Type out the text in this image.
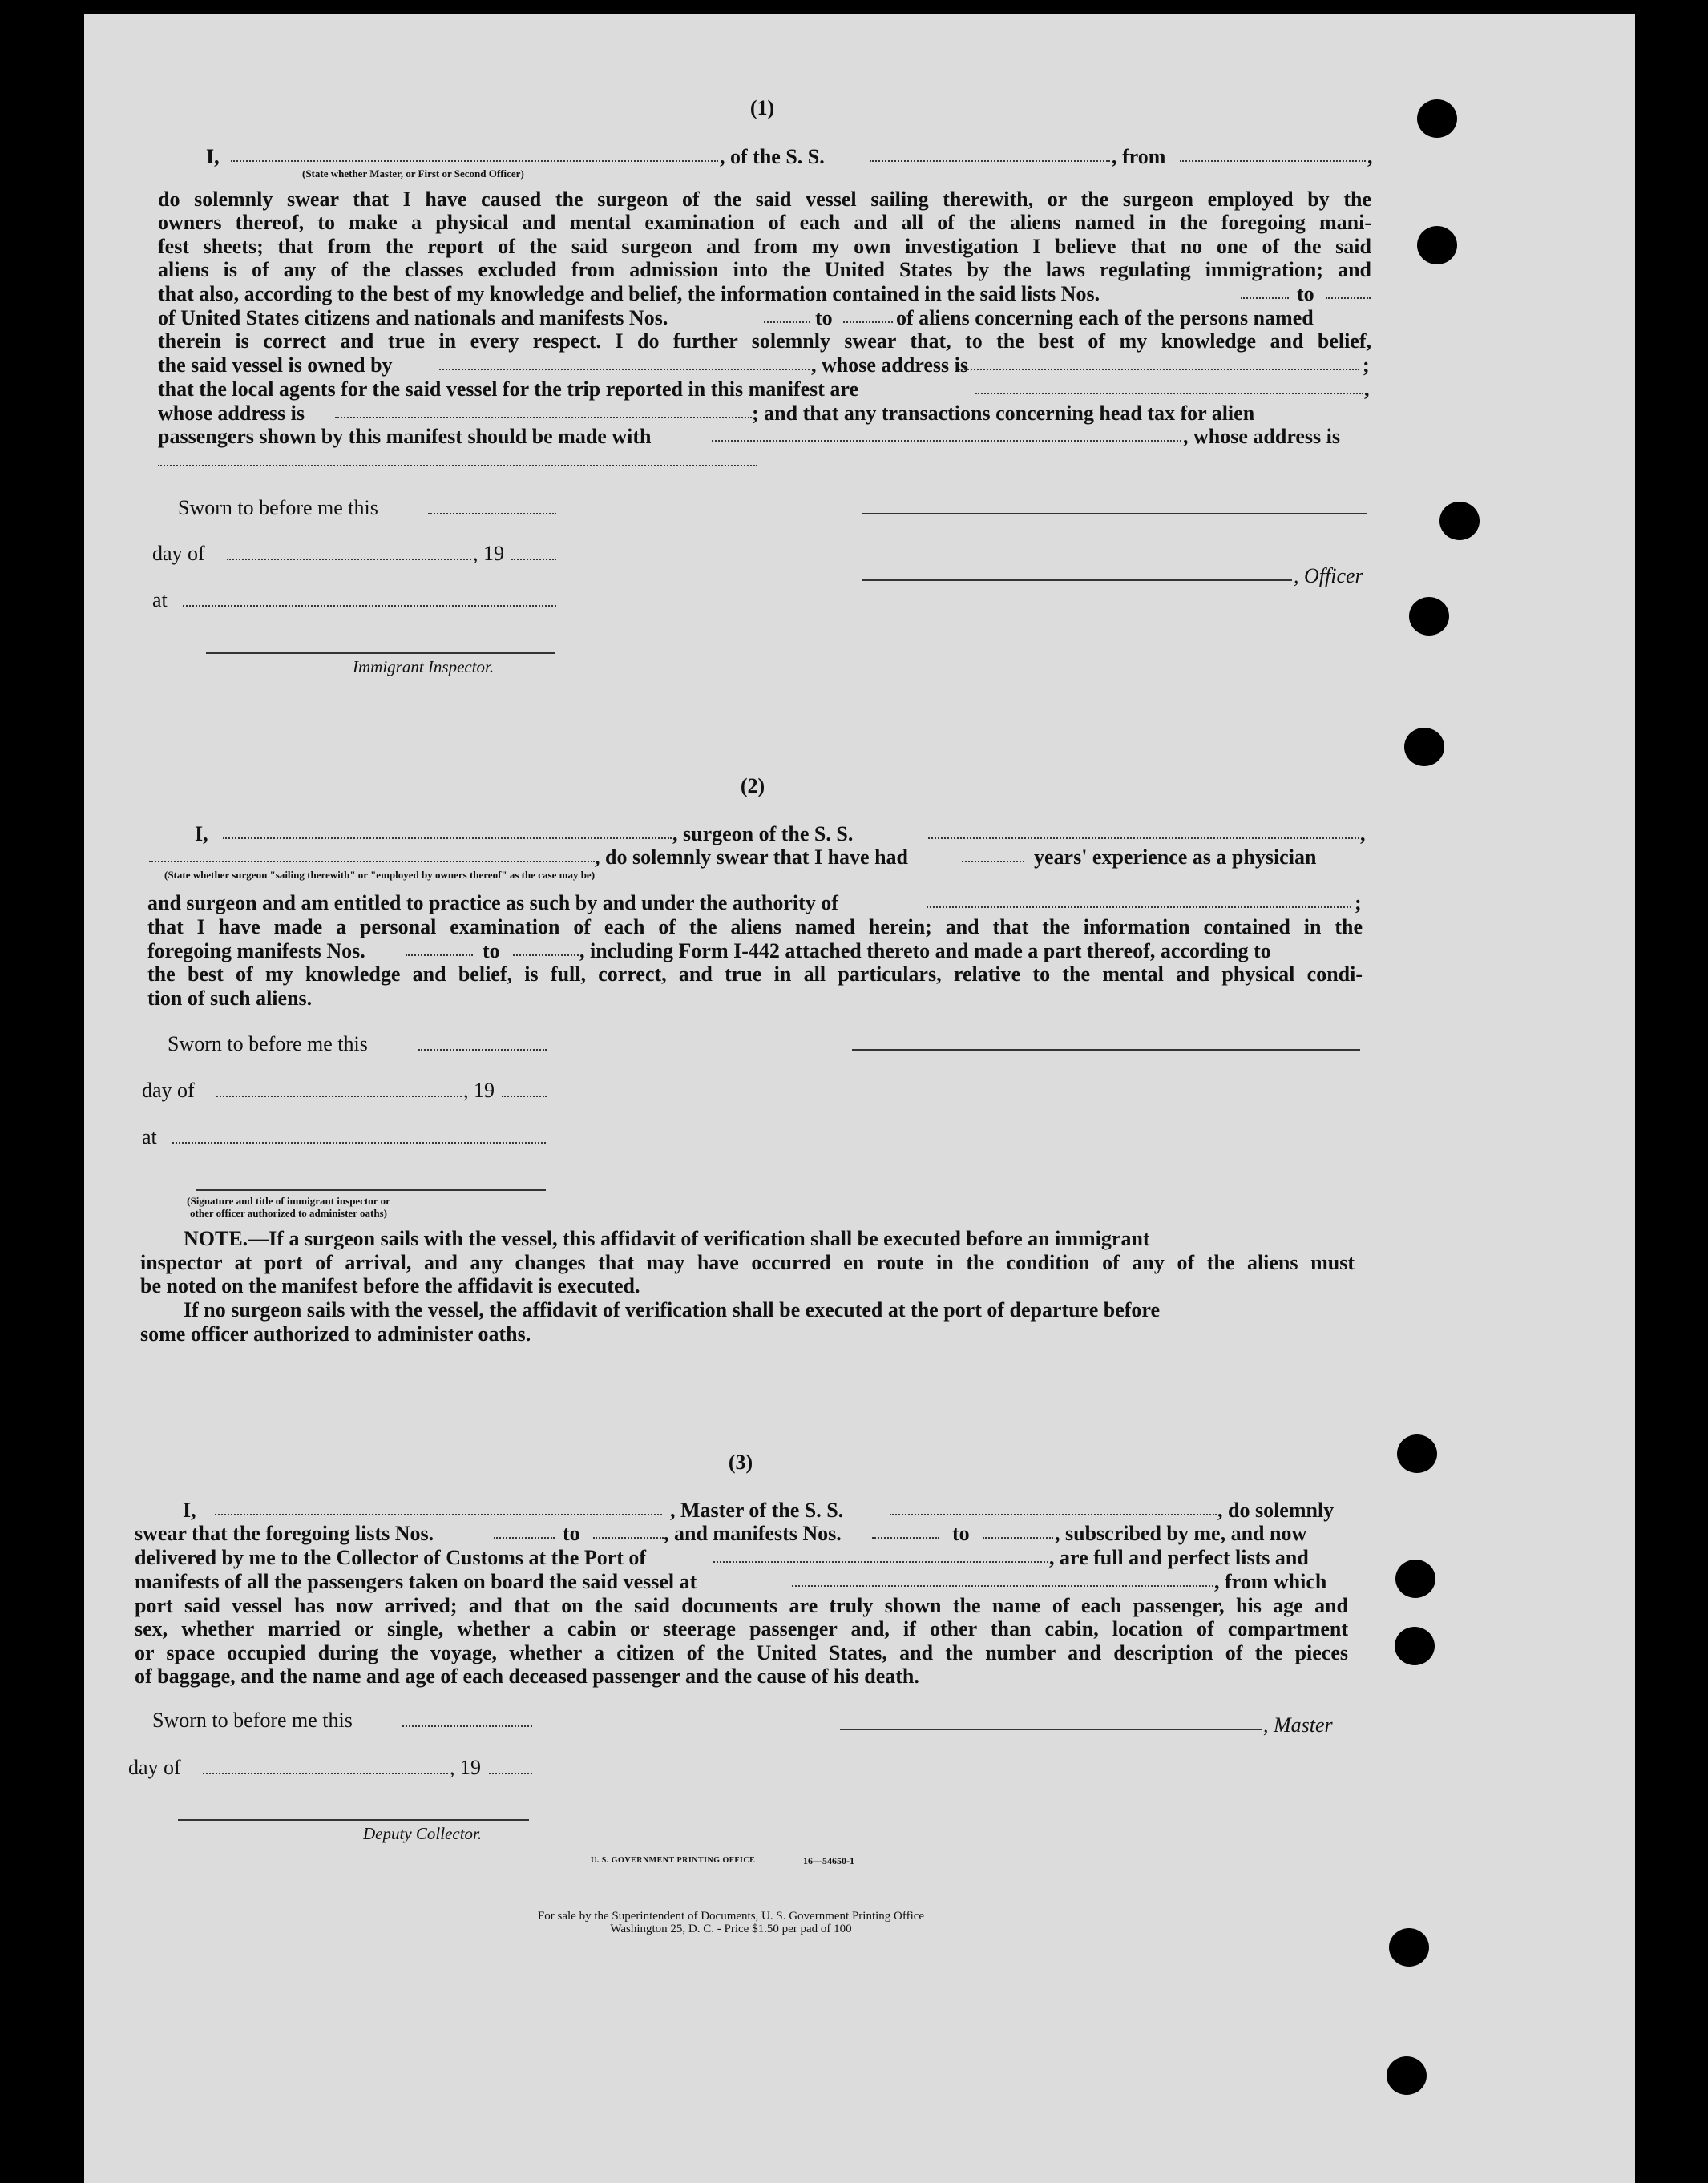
(1)
I,	, of the S. S.	, from	,
(State whether Master, or First or Second Officer)
do solemnly swear that I have caused the surgeon of the said vessel sailing therewith, or the surgeon employed by the
owners thereof, to make a physical and mental examination of each and all of the aliens named in the foregoing mani-
fest sheets; that from the report of the said surgeon and from my own investigation I believe that no one of the said
aliens is of any of the classes excluded from admission into the United States by the laws regulating immigration; and
that also, according to the best of my knowledge and belief, the information contained in the said lists Nos.	to
of United States citizens and nationals and manifests Nos.	to	of aliens concerning each of the persons named
therein is correct and true in every respect. I do further solemnly swear that, to the best of my knowledge and belief,
the said vessel is owned by	, whose address is	;
that the local agents for the said vessel for the trip reported in this manifest are	,
whose address is	; and that any transactions concerning head tax for alien
passengers shown by this manifest should be made with	, whose address is
Sworn to before me this
day of	, 19
, Officer
at
Immigrant Inspector.
(2)
I,	, surgeon of the S. S.	,
, do solemnly swear that I have had	years' experience as a physician
(State whether surgeon "sailing therewith" or "employed by owners thereof" as the case may be)
and surgeon and am entitled to practice as such by and under the authority of	;
that I have made a personal examination of each of the aliens named herein; and that the information contained in the
foregoing manifests Nos.	to	, including Form I-442 attached thereto and made a part thereof, according to
the best of my knowledge and belief, is full, correct, and true in all particulars, relative to the mental and physical condi-
tion of such aliens.
Sworn to before me this
day of	, 19
at
(Signature and title of immigrant inspector or
other officer authorized to administer oaths)
NOTE.—If a surgeon sails with the vessel, this affidavit of verification shall be executed before an immigrant
inspector at port of arrival, and any changes that may have occurred en route in the condition of any of the aliens must
be noted on the manifest before the affidavit is executed.
If no surgeon sails with the vessel, the affidavit of verification shall be executed at the port of departure before
some officer authorized to administer oaths.
(3)
I,	, Master of the S. S.	, do solemnly
swear that the foregoing lists Nos.	to	, and manifests Nos.	to	, subscribed by me, and now
delivered by me to the Collector of Customs at the Port of	, are full and perfect lists and
manifests of all the passengers taken on board the said vessel at	, from which
port said vessel has now arrived; and that on the said documents are truly shown the name of each passenger, his age and
sex, whether married or single, whether a cabin or steerage passenger and, if other than cabin, location of compartment
or space occupied during the voyage, whether a citizen of the United States, and the number and description of the pieces
of baggage, and the name and age of each deceased passenger and the cause of his death.
Sworn to before me this	, Master
day of	, 19
Deputy Collector.
U. S. GOVERNMENT PRINTING OFFICE	16—54650-1
For sale by the Superintendent of Documents, U. S. Government Printing Office
Washington 25, D. C. - Price $1.50 per pad of 100
